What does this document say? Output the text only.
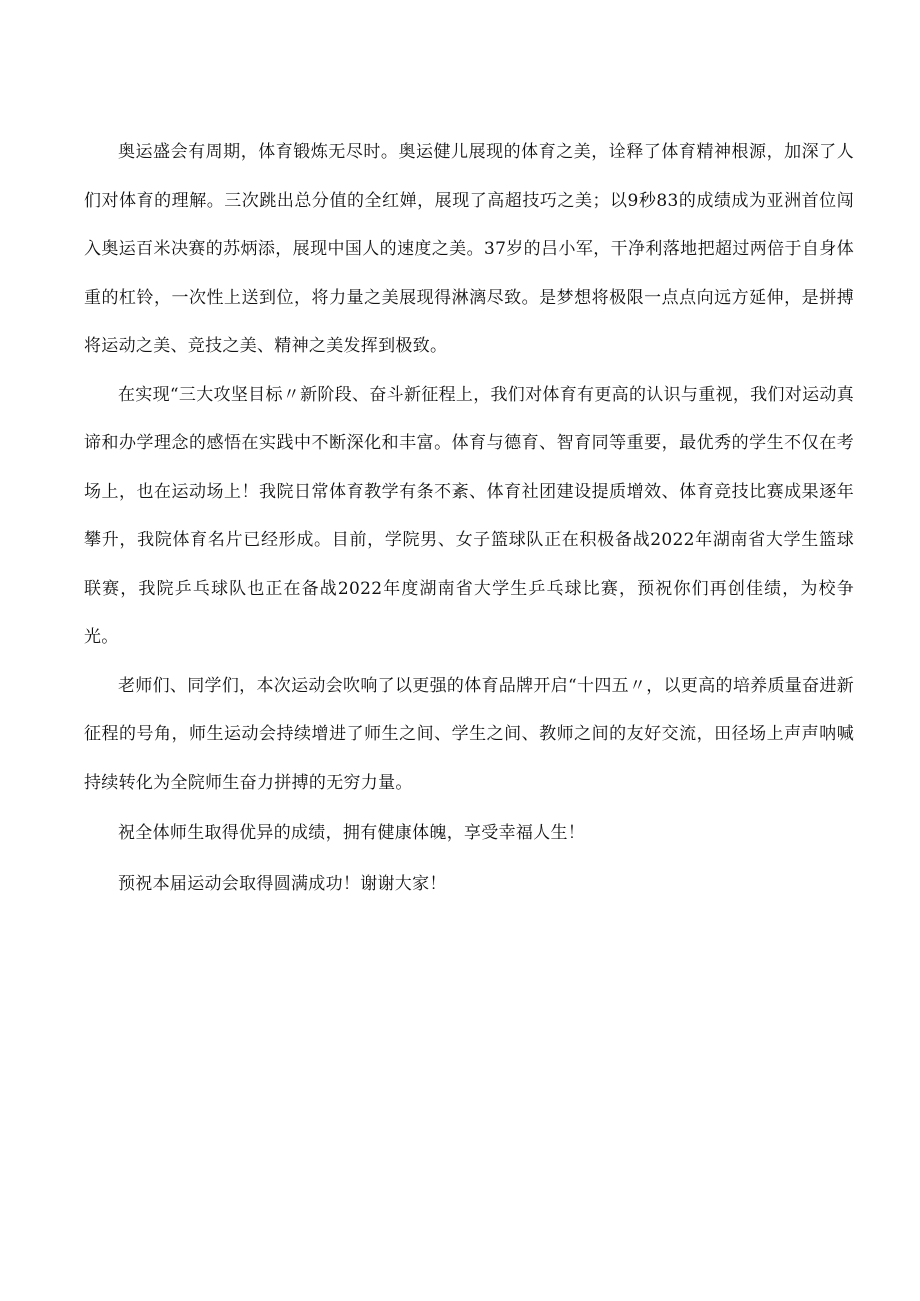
奥运盛会有周期，体育锻炼无尽时。奥运健儿展现的体育之美，诠释了体育精神根源，加深了人们对体育的理解。三次跳出总分值的全红婵，展现了高超技巧之美；以9秒83的成绩成为亚洲首位闯入奥运百米决赛的苏炳添，展现中国人的速度之美。37岁的吕小军，干净利落地把超过两倍于自身体重的杠铃，一次性上送到位，将力量之美展现得淋漓尽致。是梦想将极限一点点向远方延伸，是拼搏将运动之美、竞技之美、精神之美发挥到极致。

在实现“三大攻坚目标〃新阶段、奋斗新征程上，我们对体育有更高的认识与重视，我们对运动真谛和办学理念的感悟在实践中不断深化和丰富。体育与德育、智育同等重要，最优秀的学生不仅在考场上，也在运动场上！我院日常体育教学有条不紊、体育社团建设提质增效、体育竞技比赛成果逐年攀升，我院体育名片已经形成。目前，学院男、女子篮球队正在积极备战2022年湖南省大学生篮球联赛，我院乒乓球队也正在备战2022年度湖南省大学生乒乓球比赛，预祝你们再创佳绩，为校争光。

老师们、同学们，本次运动会吹响了以更强的体育品牌开启“十四五〃，以更高的培养质量奋进新征程的号角，师生运动会持续增进了师生之间、学生之间、教师之间的友好交流，田径场上声声呐喊持续转化为全院师生奋力拼搏的无穷力量。

祝全体师生取得优异的成绩，拥有健康体魄，享受幸福人生！

预祝本届运动会取得圆满成功！谢谢大家！
